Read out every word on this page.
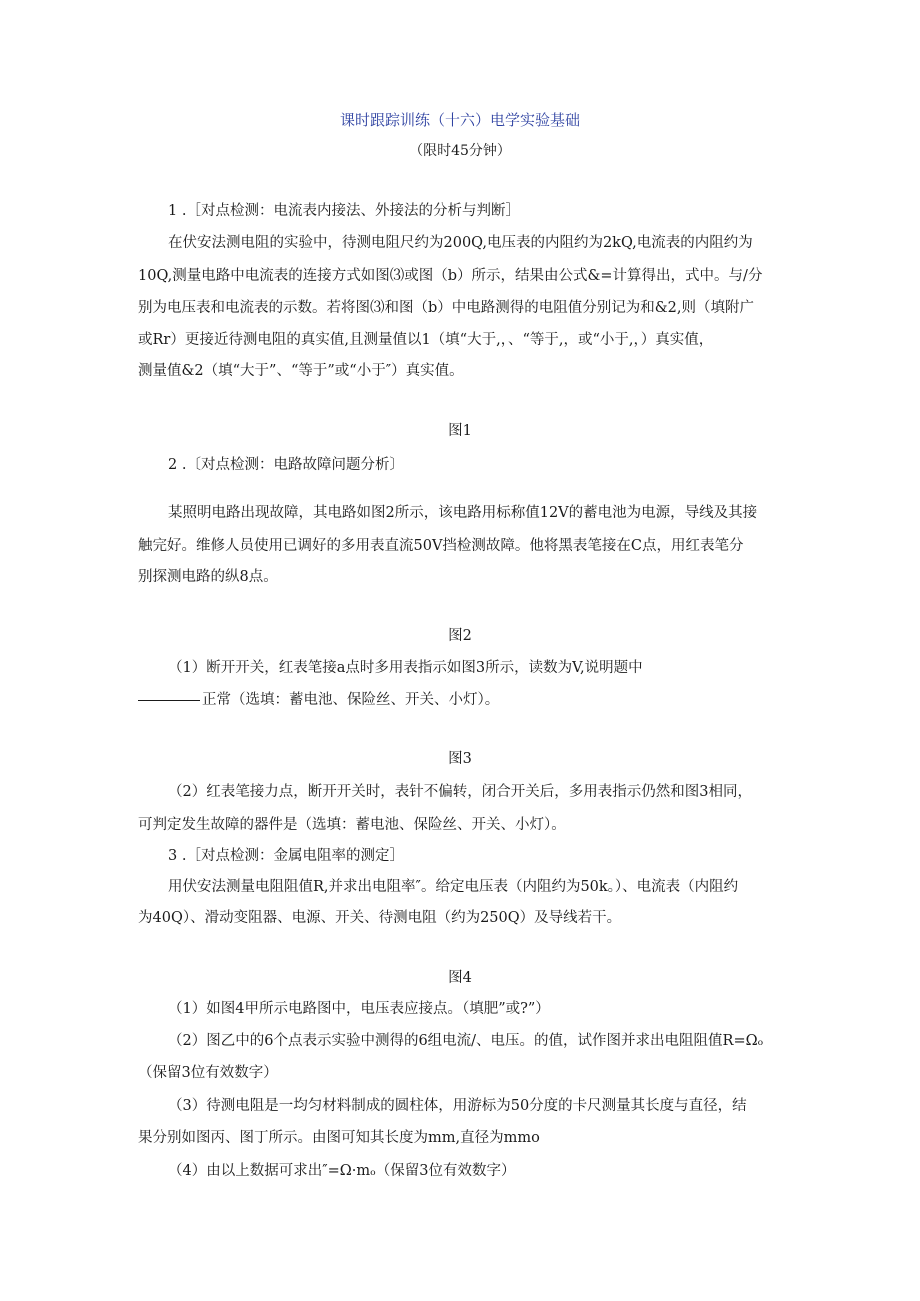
课时跟踪训练（十六）电学实验基础
（限时45分钟）
1 .［对点检测：电流表内接法、外接法的分析与判断］
在伏安法测电阻的实验中，待测电阻尺约为200Q,电压表的内阻约为2kQ,电流表的内阻约为
10Q,测量电路中电流表的连接方式如图⑶或图（b）所示，结果由公式&=计算得出，式中。与/分
别为电压表和电流表的示数。若将图⑶和图（b）中电路测得的电阻值分别记为和&2,则（填附广
或Rr）更接近待测电阻的真实值,且测量值以1（填“大于,，、“等于,，或“小于,，）真实值，
测量值&2（填“大于”、“等于”或“小于″）真实值。
图1
2 .〔对点检测：电路故障问题分析〕
某照明电路出现故障，其电路如图2所示，该电路用标称值12V的蓄电池为电源，导线及其接
触完好。维修人员使用已调好的多用表直流50V挡检测故障。他将黑表笔接在C点，用红表笔分
别探测电路的纵8点。
图2
（1）断开开关，红表笔接a点时多用表指示如图3所示，读数为V,说明题中
正常（选填：蓄电池、保险丝、开关、小灯）。
图3
（2）红表笔接力点，断开开关时，表针不偏转，闭合开关后，多用表指示仍然和图3相同，
可判定发生故障的器件是（选填：蓄电池、保险丝、开关、小灯）。
3 .［对点检测：金属电阻率的测定］
用伏安法测量电阻阻值R,并求出电阻率″。给定电压表（内阻约为50k。）、电流表（内阻约
为40Q）、滑动变阻器、电源、开关、待测电阻（约为250Q）及导线若干。
图4
（1）如图4甲所示电路图中，电压表应接点。（填肥”或?”）
（2）图乙中的6个点表示实验中测得的6组电流/、电压。的值，试作图并求出电阻阻值R=Ωₒ
（保留3位有效数字）
（3）待测电阻是一均匀材料制成的圆柱体，用游标为50分度的卡尺测量其长度与直径，结
果分别如图丙、图丁所示。由图可知其长度为mm,直径为mmo
（4）由以上数据可求出″=Ω·mₒ（保留3位有效数字）
